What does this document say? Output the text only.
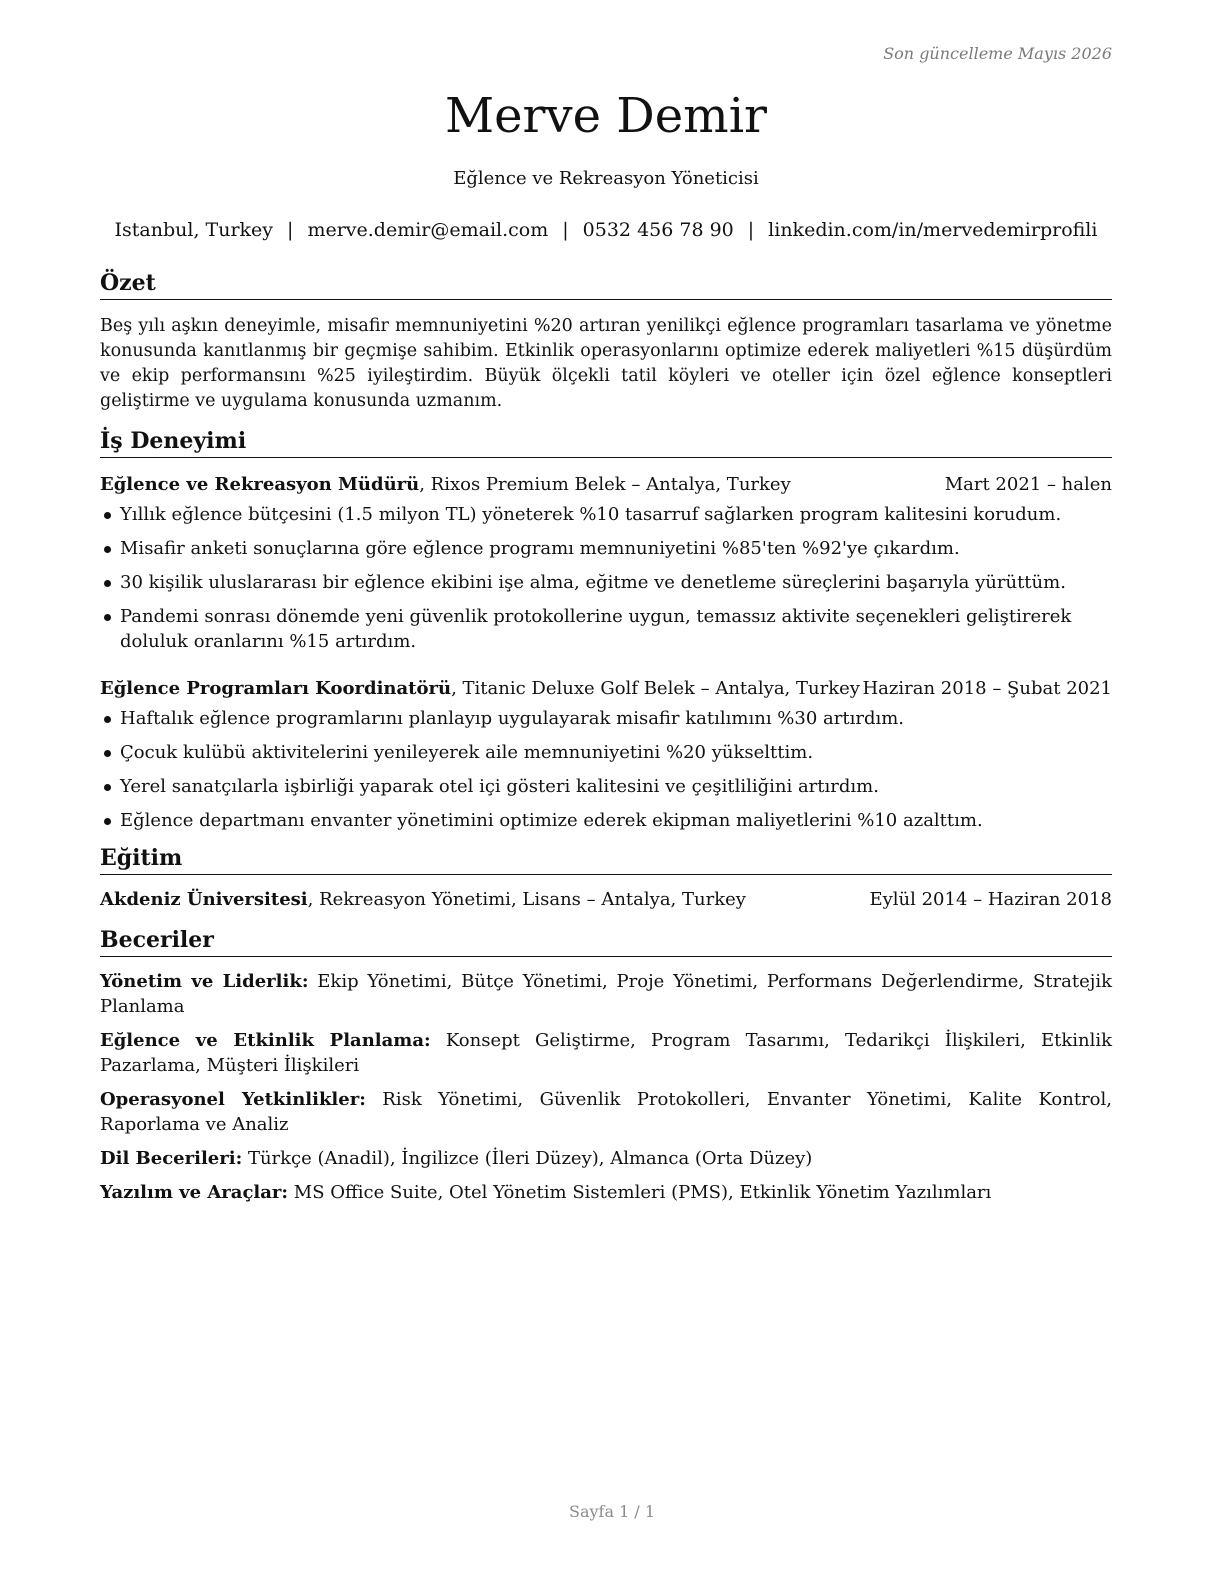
Son güncelleme Mayıs 2026
Merve Demir
Eğlence ve Rekreasyon Yöneticisi
Istanbul, Turkey | merve.demir@email.com | 0532 456 78 90 | linkedin.com/in/mervedemirprofili
Özet

Beş yılı aşkın deneyimle, misafir memnuniyetini %20 artıran yenilikçi eğlence programları tasarlama ve yönetme konusunda kanıtlanmış bir geçmişe sahibim. Etkinlik operasyonlarını optimize ederek maliyetleri %15 düşürdüm ve ekip performansını %25 iyileştirdim. Büyük ölçekli tatil köyleri ve oteller için özel eğlence konseptleri geliştirme ve uygulama konusunda uzmanım.

İş Deneyimi
Eğlence ve Rekreasyon Müdürü, Rixos Premium Belek – Antalya, Turkey	Mart 2021 – halen
Yıllık eğlence bütçesini (1.5 milyon TL) yöneterek %10 tasarruf sağlarken program kalitesini korudum.
Misafir anketi sonuçlarına göre eğlence programı memnuniyetini %85'ten %92'ye çıkardım.
30 kişilik uluslararası bir eğlence ekibini işe alma, eğitme ve denetleme süreçlerini başarıyla yürüttüm.
Pandemi sonrası dönemde yeni güvenlik protokollerine uygun, temassız aktivite seçenekleri geliştirerek doluluk oranlarını %15 artırdım.
Eğlence Programları Koordinatörü, Titanic Deluxe Golf Belek – Antalya, Turkey Haziran 2018 – Şubat 2021
Haftalık eğlence programlarını planlayıp uygulayarak misafir katılımını %30 artırdım.
Çocuk kulübü aktivitelerini yenileyerek aile memnuniyetini %20 yükselttim.
Yerel sanatçılarla işbirliği yaparak otel içi gösteri kalitesini ve çeşitliliğini artırdım.
Eğlence departmanı envanter yönetimini optimize ederek ekipman maliyetlerini %10 azalttım.
Eğitim
Akdeniz Üniversitesi, Rekreasyon Yönetimi, Lisans – Antalya, Turkey	Eylül 2014 – Haziran 2018
Beceriler
Yönetim ve Liderlik: Ekip Yönetimi, Bütçe Yönetimi, Proje Yönetimi, Performans Değerlendirme, Stratejik Planlama
Eğlence ve Etkinlik Planlama: Konsept Geliştirme, Program Tasarımı, Tedarikçi İlişkileri, Etkinlik Pazarlama, Müşteri İlişkileri
Operasyonel Yetkinlikler: Risk Yönetimi, Güvenlik Protokolleri, Envanter Yönetimi, Kalite Kontrol, Raporlama ve Analiz
Dil Becerileri: Türkçe (Anadil), İngilizce (İleri Düzey), Almanca (Orta Düzey)
Yazılım ve Araçlar: MS Office Suite, Otel Yönetim Sistemleri (PMS), Etkinlik Yönetim Yazılımları
Sayfa 1 / 1
